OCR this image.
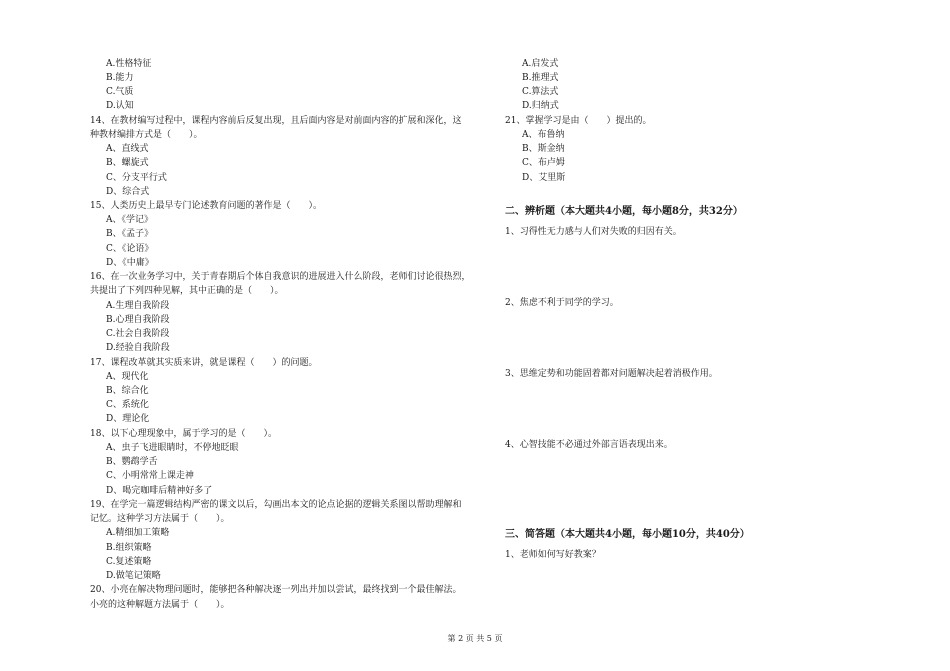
A.性格特征
B.能力
C.气质
D.认知
14、在教材编写过程中，课程内容前后反复出现，且后面内容是对前面内容的扩展和深化，这
种教材编排方式是（　　）。
A、直线式
B、螺旋式
C、分支平行式
D、综合式
15、人类历史上最早专门论述教育问题的著作是（　　）。
A、《学记》
B、《孟子》
C、《论语》
D、《中庸》
16、在一次业务学习中，关于青春期后个体自我意识的进展进入什么阶段，老师们讨论很热烈，
共提出了下列四种见解，其中正确的是（　　）。
A.生理自我阶段
B.心理自我阶段
C.社会自我阶段
D.经验自我阶段
17、课程改革就其实质来讲，就是课程（　　）的问题。
A、现代化
B、综合化
C、系统化
D、理论化
18、以下心理现象中，属于学习的是（　　）。
A、虫子飞进眼睛时，不停地眨眼
B、鹦鹉学舌
C、小明常常上课走神
D、喝完咖啡后精神好多了
19、在学完一篇逻辑结构严密的课文以后，勾画出本文的论点论据的逻辑关系图以帮助理解和
记忆。这种学习方法属于（　　）。
A.精细加工策略
B.组织策略
C.复述策略
D.做笔记策略
20、小亮在解决物理问题时，能够把各种解决逐一列出并加以尝试，最终找到一个最佳解法。
小亮的这种解题方法属于（　　）。
A.启发式
B.推理式
C.算法式
D.归纳式
21、掌握学习是由（　　）提出的。
A、布鲁纳
B、斯金纳
C、布卢姆
D、艾里斯
二、辨析题（本大题共4小题，每小题8分，共32分）
1、习得性无力感与人们对失败的归因有关。
2、焦虑不利于同学的学习。
3、思维定势和功能固着都对问题解决起着消极作用。
4、心智技能不必通过外部言语表现出来。
三、简答题（本大题共4小题，每小题10分，共40分）
1、老师如何写好教案？
第 2 页 共 5 页
